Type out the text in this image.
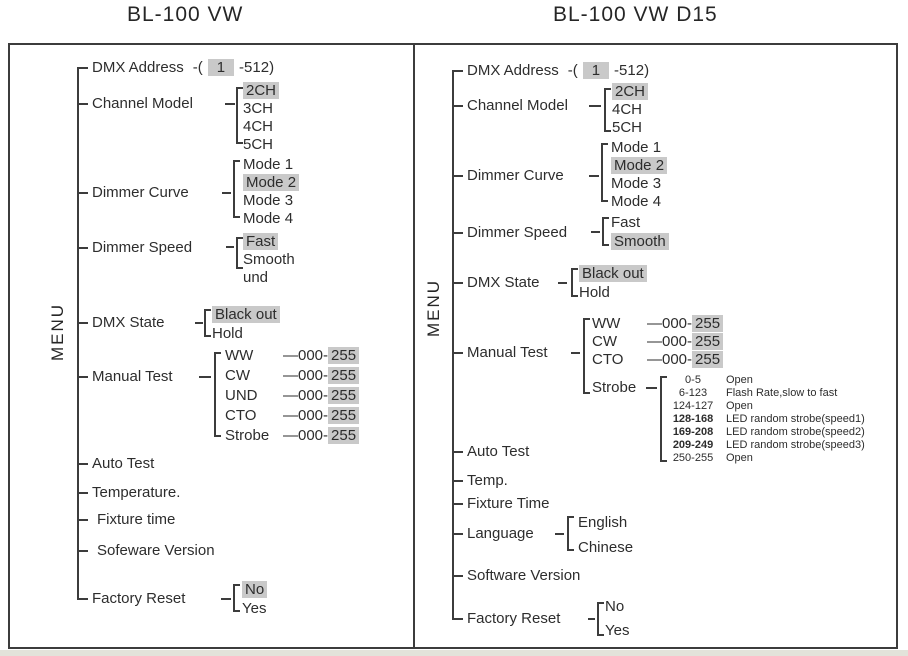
BL-100 VW	BL-100 VW D15
MENU
DMX Address -( 1 -512)
Channel Model
2CH
3CH
4CH
5CH
Dimmer Curve
Mode 1
Mode 2
Mode 3
Mode 4
Dimmer Speed	Fast
Smooth
und
DMX State	Black out
Hold
Manual Test
WW —000- 255
CW —000- 255
UND —000- 255
CTO —000- 255
Strobe —000- 255
Auto Test
Temperature.
Fixture time
Sofeware Version
Factory Reset
No
Yes
MENU
DMX Address -( 1 -512)
Channel Model
2CH
4CH
5CH
Dimmer Curve
Mode 1
Mode 2
Mode 3
Mode 4
Dimmer Speed
Fast
Smooth
DMX State
Black out
Hold
Manual Test
WW —000- 255
CW —000- 255
CTO —000- 255
Strobe	0-5 Open
6-123 Flash Rate,slow to fast
124-127 Open
128-168 LED random strobe(speed1)
169-208 LED random strobe(speed2)
209-249 LED random strobe(speed3)
250-255 Open
Auto Test
Temp.
Fixture Time
Language
English
Chinese
Software Version
Factory Reset
No
Yes
